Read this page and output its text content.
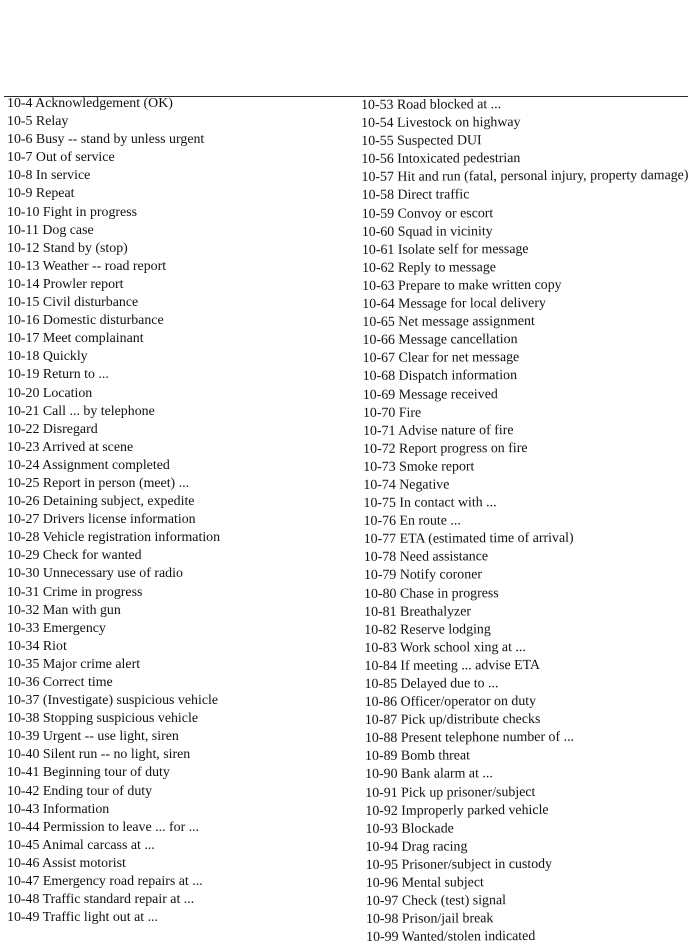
10-4 Acknowledgement (OK)
10-5 Relay
10-6 Busy -- stand by unless urgent
10-7 Out of service
10-8 In service
10-9 Repeat
10-10 Fight in progress
10-11 Dog case
10-12 Stand by (stop)
10-13 Weather -- road report
10-14 Prowler report
10-15 Civil disturbance
10-16 Domestic disturbance
10-17 Meet complainant
10-18 Quickly
10-19 Return to ...
10-20 Location
10-21 Call ... by telephone
10-22 Disregard
10-23 Arrived at scene
10-24 Assignment completed
10-25 Report in person (meet) ...
10-26 Detaining subject, expedite
10-27 Drivers license information
10-28 Vehicle registration information
10-29 Check for wanted
10-30 Unnecessary use of radio
10-31 Crime in progress
10-32 Man with gun
10-33 Emergency
10-34 Riot
10-35 Major crime alert
10-36 Correct time
10-37 (Investigate) suspicious vehicle
10-38 Stopping suspicious vehicle
10-39 Urgent -- use light, siren
10-40 Silent run -- no light, siren
10-41 Beginning tour of duty
10-42 Ending tour of duty
10-43 Information
10-44 Permission to leave ... for ...
10-45 Animal carcass at ...
10-46 Assist motorist
10-47 Emergency road repairs at ...
10-48 Traffic standard repair at ...
10-49 Traffic light out at ...
10-53 Road blocked at ...
10-54 Livestock on highway
10-55 Suspected DUI
10-56 Intoxicated pedestrian
10-57 Hit and run (fatal, personal injury, property damage)
10-58 Direct traffic
10-59 Convoy or escort
10-60 Squad in vicinity
10-61 Isolate self for message
10-62 Reply to message
10-63 Prepare to make written copy
10-64 Message for local delivery
10-65 Net message assignment
10-66 Message cancellation
10-67 Clear for net message
10-68 Dispatch information
10-69 Message received
10-70 Fire
10-71 Advise nature of fire
10-72 Report progress on fire
10-73 Smoke report
10-74 Negative
10-75 In contact with ...
10-76 En route ...
10-77 ETA (estimated time of arrival)
10-78 Need assistance
10-79 Notify coroner
10-80 Chase in progress
10-81 Breathalyzer
10-82 Reserve lodging
10-83 Work school xing at ...
10-84 If meeting ... advise ETA
10-85 Delayed due to ...
10-86 Officer/operator on duty
10-87 Pick up/distribute checks
10-88 Present telephone number of ...
10-89 Bomb threat
10-90 Bank alarm at ...
10-91 Pick up prisoner/subject
10-92 Improperly parked vehicle
10-93 Blockade
10-94 Drag racing
10-95 Prisoner/subject in custody
10-96 Mental subject
10-97 Check (test) signal
10-98 Prison/jail break
10-99 Wanted/stolen indicated
